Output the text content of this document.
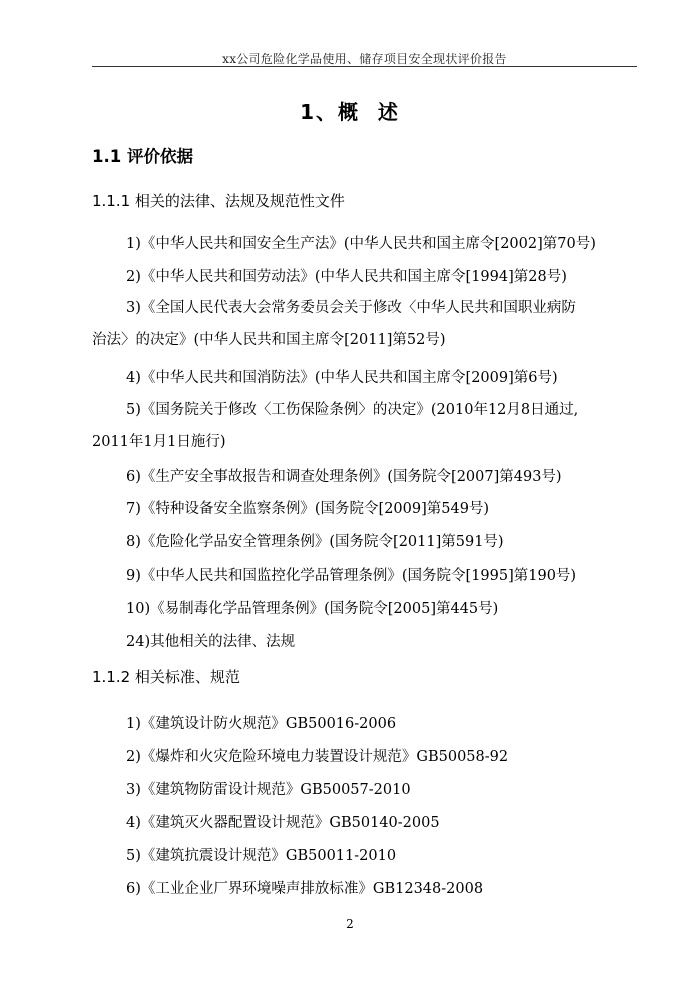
xx公司危险化学品使用、储存项目安全现状评价报告
1、概  述
1.1 评价依据
1.1.1 相关的法律、法规及规范性文件
1)《中华人民共和国安全生产法》(中华人民共和国主席令[2002]第70号)
2)《中华人民共和国劳动法》(中华人民共和国主席令[1994]第28号)
3)《全国人民代表大会常务委员会关于修改〈中华人民共和国职业病防
治法〉的决定》(中华人民共和国主席令[2011]第52号)
4)《中华人民共和国消防法》(中华人民共和国主席令[2009]第6号)
5)《国务院关于修改〈工伤保险条例〉的决定》(2010年12月8日通过,
2011年1月1日施行)
6)《生产安全事故报告和调查处理条例》(国务院令[2007]第493号)
7)《特种设备安全监察条例》(国务院令[2009]第549号)
8)《危险化学品安全管理条例》(国务院令[2011]第591号)
9)《中华人民共和国监控化学品管理条例》(国务院令[1995]第190号)
10)《易制毒化学品管理条例》(国务院令[2005]第445号)
24)其他相关的法律、法规
1.1.2 相关标准、规范
1)《建筑设计防火规范》GB50016-2006
2)《爆炸和火灾危险环境电力装置设计规范》GB50058-92
3)《建筑物防雷设计规范》GB50057-2010
4)《建筑灭火器配置设计规范》GB50140-2005
5)《建筑抗震设计规范》GB50011-2010
6)《工业企业厂界环境噪声排放标准》GB12348-2008
2
